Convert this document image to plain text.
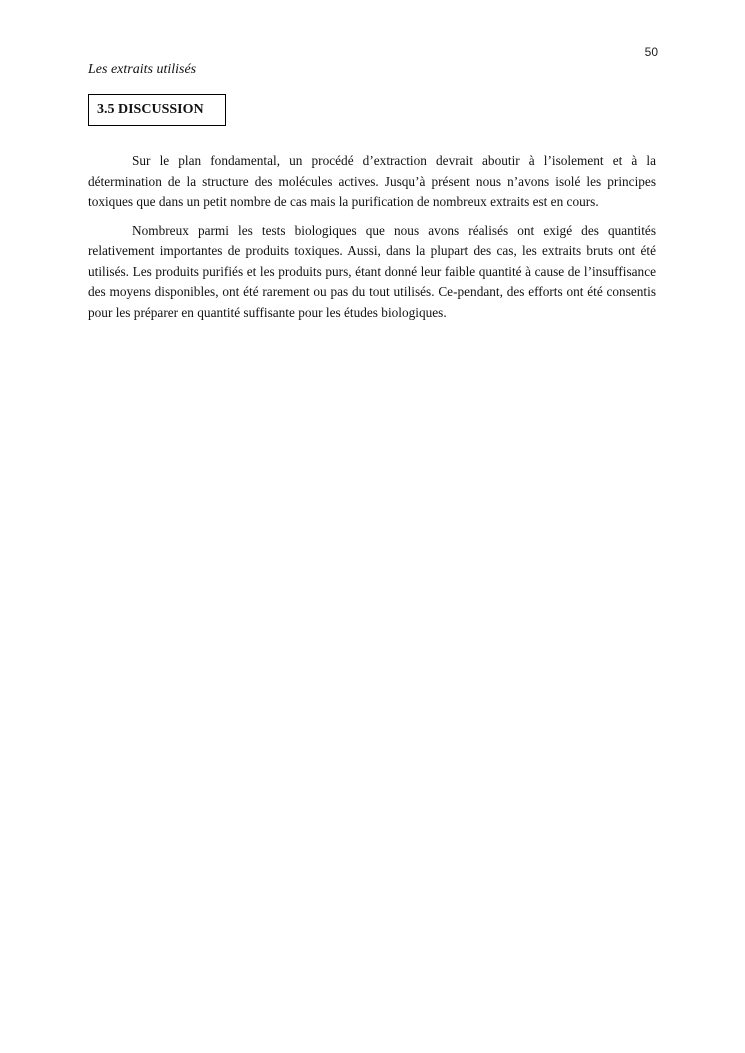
50
Les extraits utilisés
3.5 DISCUSSION

Sur le plan fondamental, un procédé d’extraction devrait aboutir à l’isolement et à la détermination de la structure des molécules actives. Jusqu’à présent nous n’avons isolé les principes toxiques que dans un petit nombre de cas mais la purification de nombreux extraits est en cours.

Nombreux parmi les tests biologiques que nous avons réalisés ont exigé des quantités relativement importantes de produits toxiques. Aussi, dans la plupart des cas, les extraits bruts ont été utilisés. Les produits purifiés et les produits purs, étant donné leur faible quantité à cause de l’insuffisance des moyens disponibles, ont été rarement ou pas du tout utilisés. Ce-pendant, des efforts ont été consentis pour les préparer en quantité suffisante pour les études biologiques.
